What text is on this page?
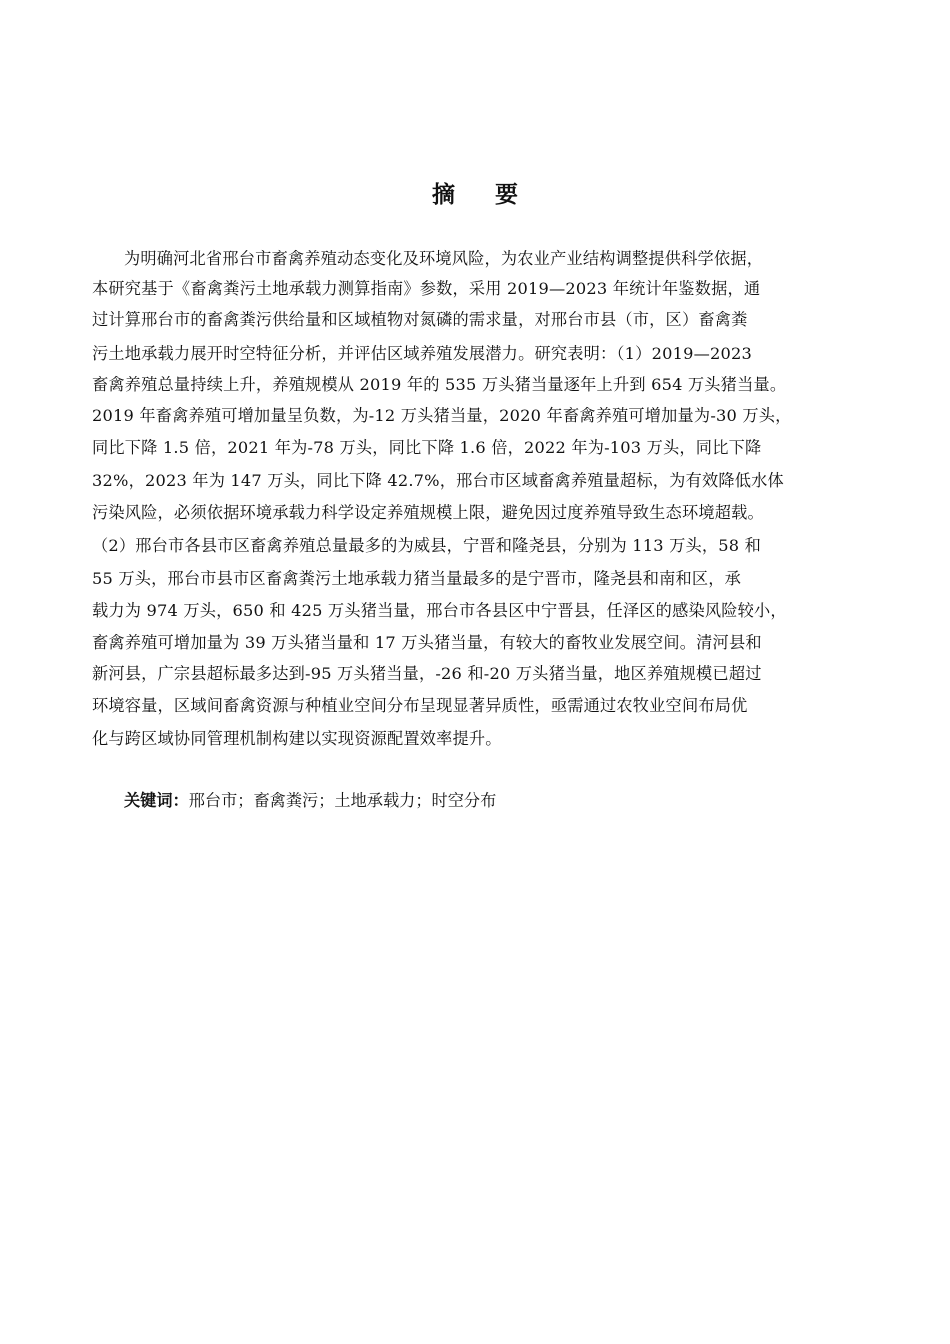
摘 要
为明确河北省邢台市畜禽养殖动态变化及环境风险，为农业产业结构调整提供科学依据，
本研究基于《畜禽粪污土地承载力测算指南》参数，采用 2019—2023 年统计年鉴数据，通
过计算邢台市的畜禽粪污供给量和区域植物对氮磷的需求量，对邢台市县（市，区）畜禽粪
污土地承载力展开时空特征分析，并评估区域养殖发展潜力。研究表明：（1）2019—2023
畜禽养殖总量持续上升，养殖规模从 2019 年的 535 万头猪当量逐年上升到 654 万头猪当量。
2019 年畜禽养殖可增加量呈负数，为-12 万头猪当量，2020 年畜禽养殖可增加量为-30 万头，
同比下降 1.5 倍，2021 年为-78 万头，同比下降 1.6 倍，2022 年为-103 万头，同比下降
32%，2023 年为 147 万头，同比下降 42.7%，邢台市区域畜禽养殖量超标，为有效降低水体
污染风险，必须依据环境承载力科学设定养殖规模上限，避免因过度养殖导致生态环境超载。
（2）邢台市各县市区畜禽养殖总量最多的为威县，宁晋和隆尧县，分别为 113 万头，58 和
55 万头，邢台市县市区畜禽粪污土地承载力猪当量最多的是宁晋市，隆尧县和南和区，承
载力为 974 万头，650 和 425 万头猪当量，邢台市各县区中宁晋县，任泽区的感染风险较小，
畜禽养殖可增加量为 39 万头猪当量和 17 万头猪当量，有较大的畜牧业发展空间。清河县和
新河县，广宗县超标最多达到-95 万头猪当量，-26 和-20 万头猪当量，地区养殖规模已超过
环境容量，区域间畜禽资源与种植业空间分布呈现显著异质性，亟需通过农牧业空间布局优
化与跨区域协同管理机制构建以实现资源配置效率提升。
关键词：邢台市；畜禽粪污；土地承载力；时空分布
